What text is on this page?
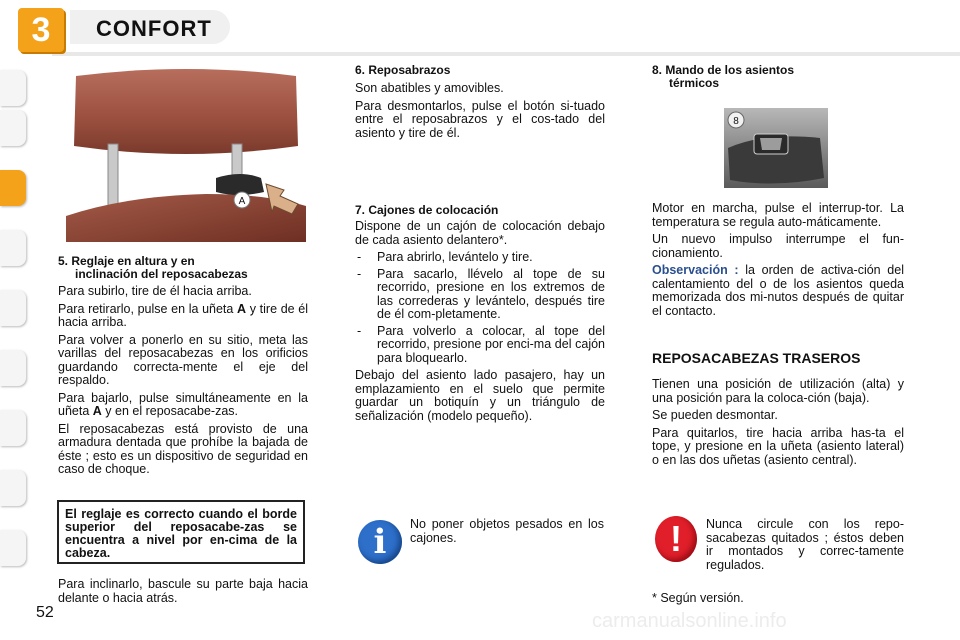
3	CONFORT
A

5. Reglaje en altura y en

inclinación del reposacabezas

Para subirlo, tire de él hacia arriba.

Para retirarlo, pulse en la uñeta A y tire de él hacia arriba.

Para volver a ponerlo en su sitio, meta las varillas del reposacabezas en los orificios guardando correcta-mente el eje del respaldo.

Para bajarlo, pulse simultáneamente en la uñeta A y en el reposacabe-zas.

El reposacabezas está provisto de una armadura dentada que prohíbe la bajada de éste ; esto es un dispositivo de seguridad en caso de choque.

El reglaje es correcto cuando el borde superior del reposacabe-zas se encuentra a nivel por en-cima de la cabeza.

Para inclinarlo, bascule su parte baja hacia delante o hacia atrás.

6. Reposabrazos

Son abatibles y amovibles.

Para desmontarlos, pulse el botón si-tuado entre el reposabrazos y el cos-tado del asiento y tire de él.

7. Cajones de colocación

Dispone de un cajón de colocación debajo de cada asiento delantero*.

- Para abrirlo, levántelo y tire.
- Para sacarlo, llévelo al tope de su recorrido, presione en los extremos de las correderas y levántelo, después tire de él com-pletamente.
- Para volverlo a colocar, al tope del recorrido, presione por enci-ma del cajón para bloquearlo.

Debajo del asiento lado pasajero, hay un emplazamiento en el suelo que permite guardar un botiquín y un triángulo de señalización (modelo pequeño).

i	No poner objetos pesados en los cajones.

8. Mando de los asientos

térmicos

8

Motor en marcha, pulse el interrup-tor. La temperatura se regula auto-máticamente.

Un nuevo impulso interrumpe el fun-cionamiento.

Observación : la orden de activa-ción del calentamiento del o de los asientos queda memorizada dos mi-nutos después de quitar el contacto.

REPOSACABEZAS TRASEROS

Tienen una posición de utilización (alta) y una posición para la coloca-ción (baja).

Se pueden desmontar.

Para quitarlos, tire hacia arriba has-ta el tope, y presione en la uñeta (asiento lateral) o en las dos uñetas (asiento central).

!	Nunca circule con los repo-sacabezas quitados ; éstos deben ir montados y correc-tamente regulados.
* Según versión.
52	carmanualsonline.info
